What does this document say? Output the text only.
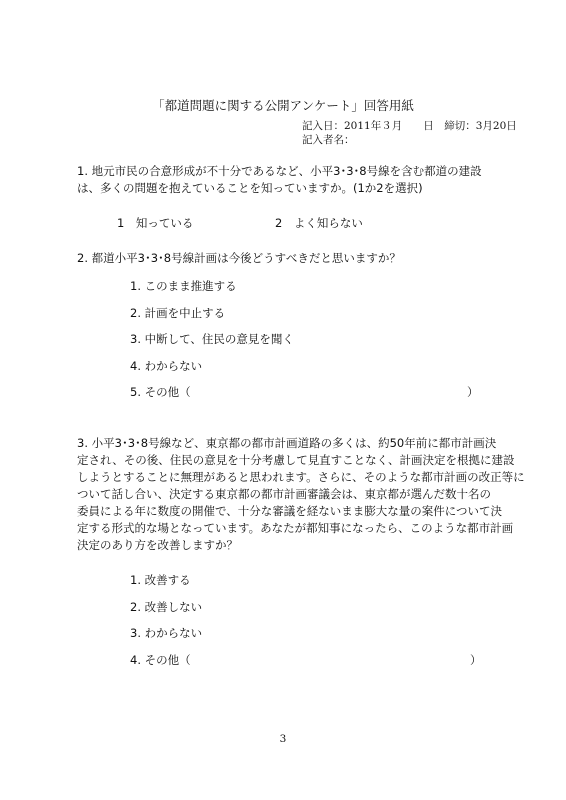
「都道問題に関する公開アンケート」回答用紙
記入日：2011年３月　　日　締切：3月20日
記入者名：

1. 地元市民の合意形成が不十分であるなど、小平3･3･8号線を含む都道の建設

は、多くの問題を抱えていることを知っていますか。(1か2を選択)

1　知っている	2　よく知らない
2. 都道小平3･3･8号線計画は今後どうすべきだと思いますか？
1. このまま推進する
2. 計画を中止する
3. 中断して、住民の意見を聞く
4. わからない
5. その他（	）

3. 小平3･3･8号線など、東京都の都市計画道路の多くは、約50年前に都市計画決

定され、その後、住民の意見を十分考慮して見直すことなく、計画決定を根拠に建設

しようとすることに無理があると思われます。さらに、そのような都市計画の改正等に

ついて話し合い、決定する東京都の都市計画審議会は、東京都が選んだ数十名の

委員による年に数度の開催で、十分な審議を経ないまま膨大な量の案件について決

定する形式的な場となっています。あなたが都知事になったら、このような都市計画

決定のあり方を改善しますか？

1. 改善する
2. 改善しない
3. わからない
4. その他（	）
3
